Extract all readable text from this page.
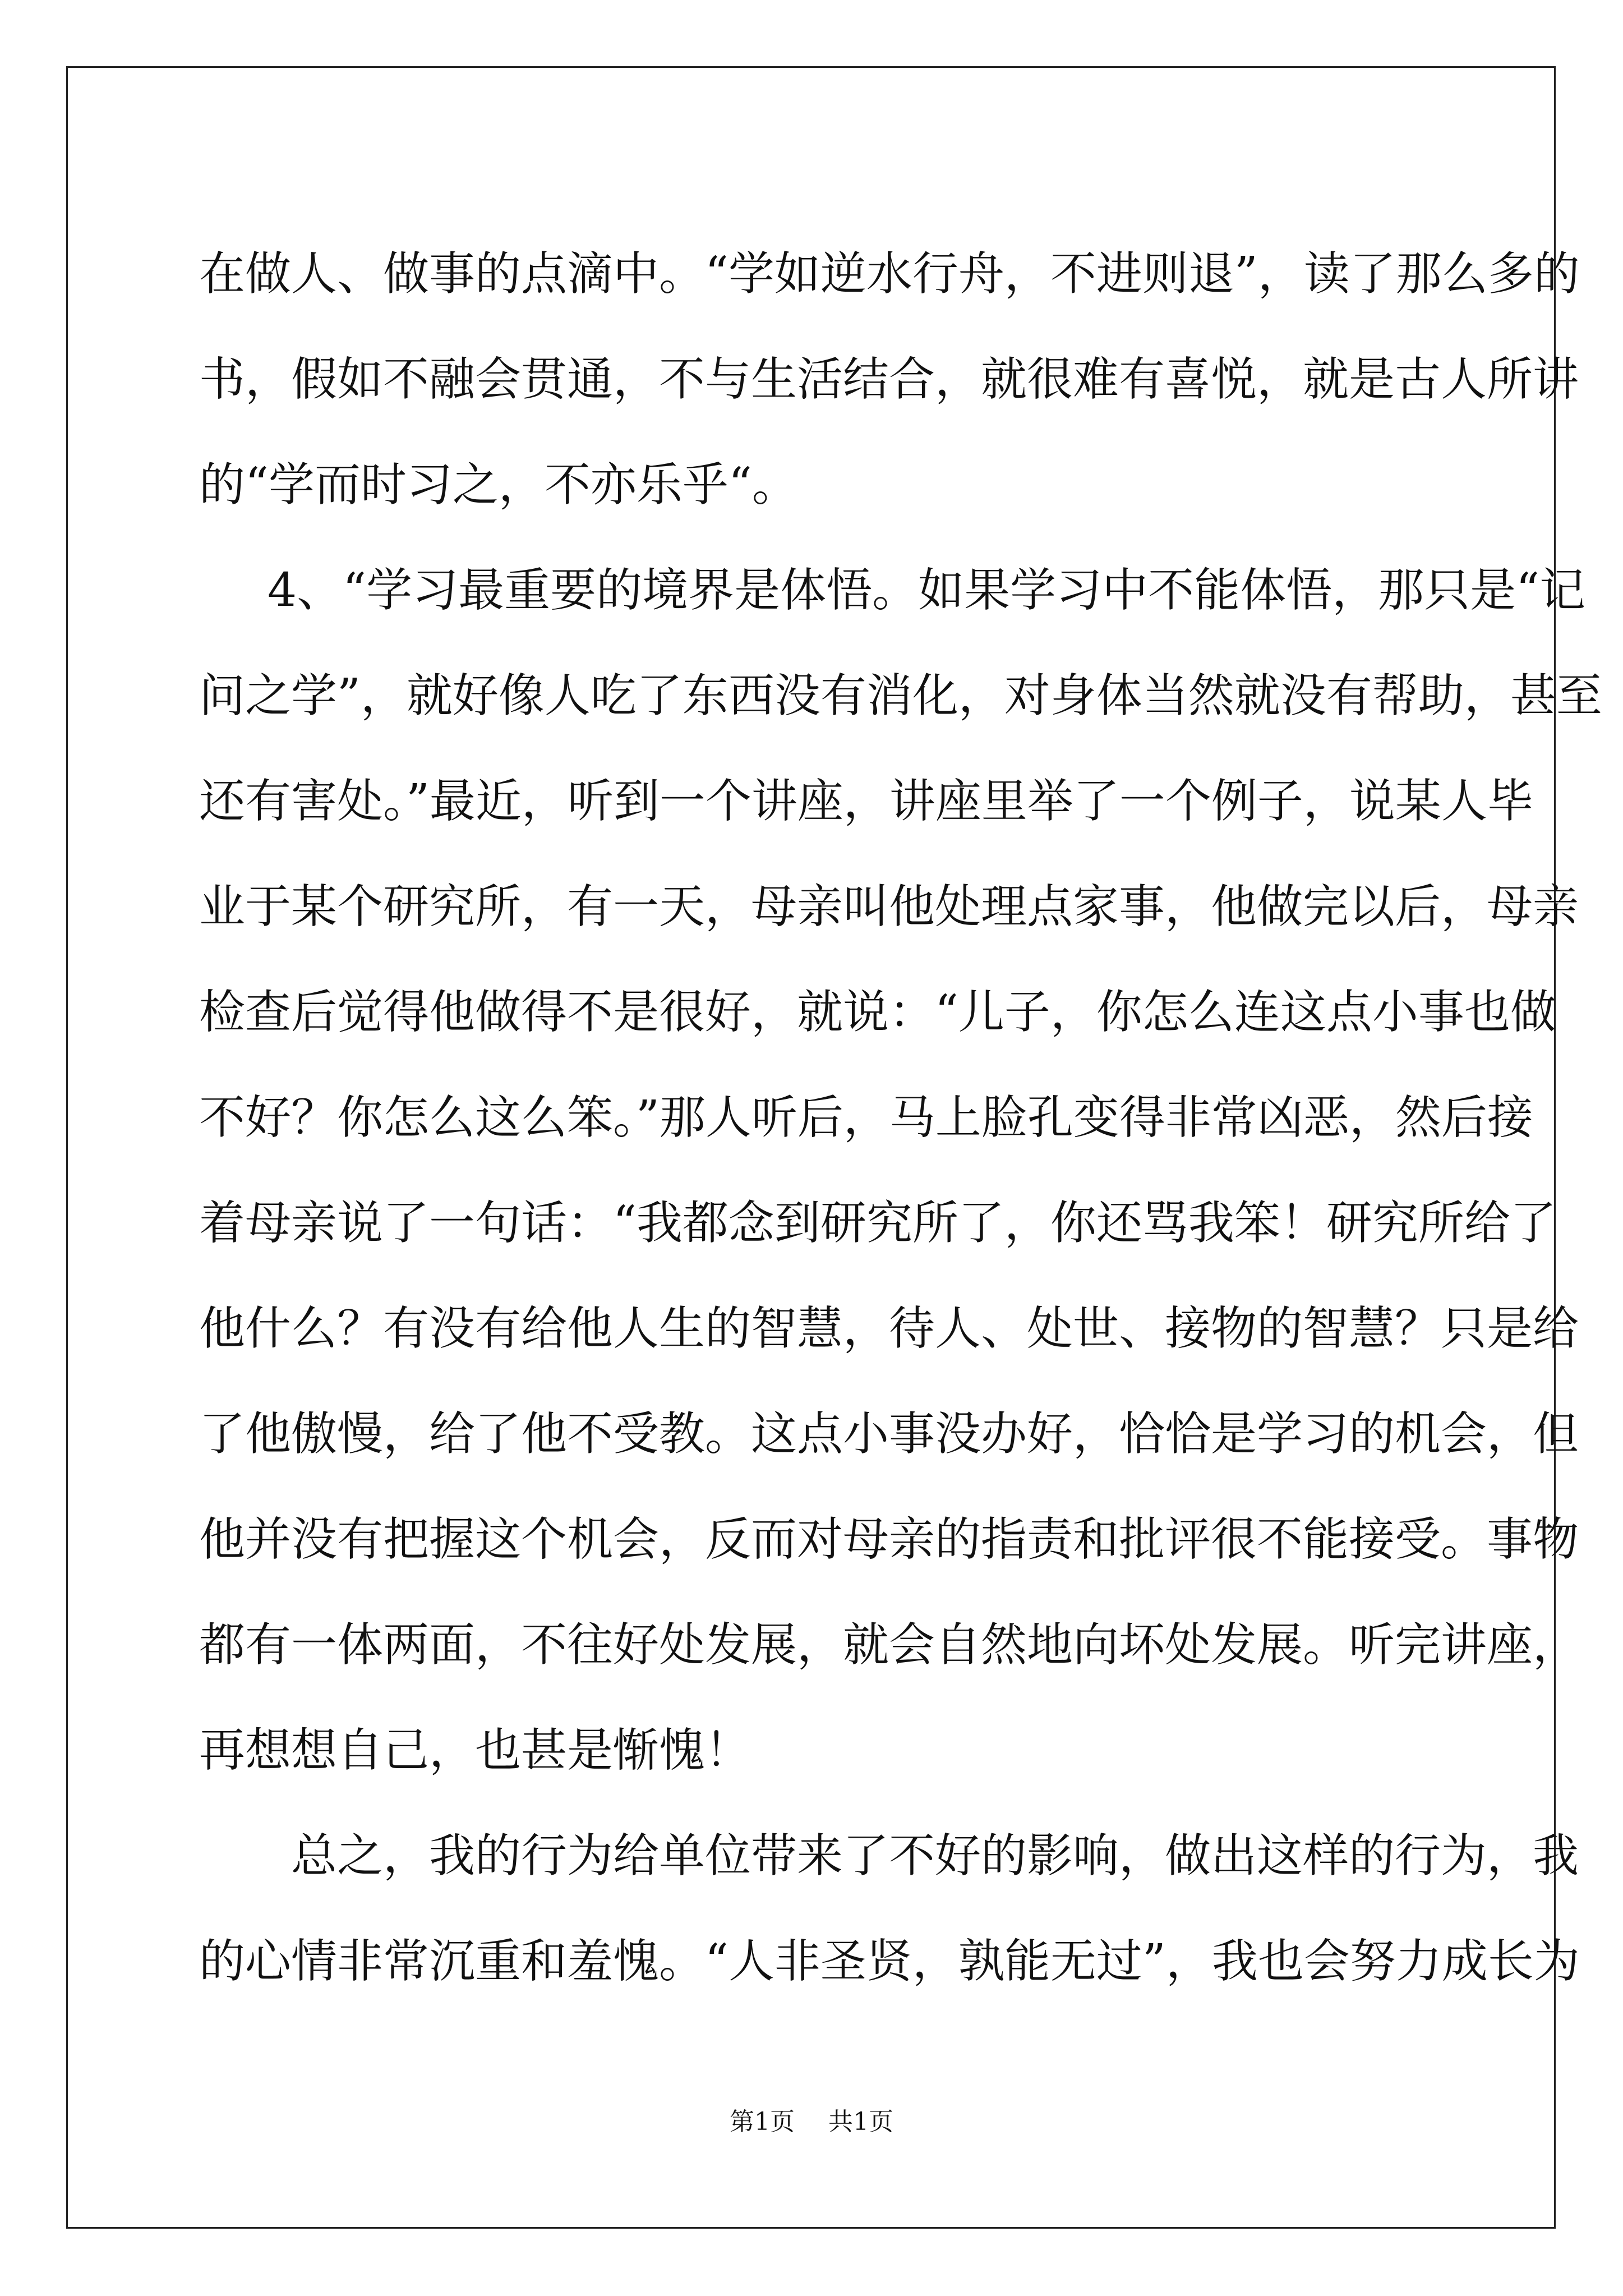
在做人、做事的点滴中。“学如逆水行舟，不进则退”，读了那么多的
书，假如不融会贯通，不与生活结合，就很难有喜悦，就是古人所讲
的“学而时习之，不亦乐乎“。
4、“学习最重要的境界是体悟。如果学习中不能体悟，那只是“记
问之学”，就好像人吃了东西没有消化，对身体当然就没有帮助，甚至
还有害处。”最近，听到一个讲座，讲座里举了一个例子，说某人毕
业于某个研究所，有一天，母亲叫他处理点家事，他做完以后，母亲
检查后觉得他做得不是很好，就说：“儿子，你怎么连这点小事也做
不好？你怎么这么笨。”那人听后，马上脸孔变得非常凶恶，然后接
着母亲说了一句话：“我都念到研究所了，你还骂我笨！研究所给了
他什么？有没有给他人生的智慧，待人、处世、接物的智慧？只是给
了他傲慢，给了他不受教。这点小事没办好，恰恰是学习的机会，但
他并没有把握这个机会，反而对母亲的指责和批评很不能接受。事物
都有一体两面，不往好处发展，就会自然地向坏处发展。听完讲座，
再想想自己，也甚是惭愧！
总之，我的行为给单位带来了不好的影响，做出这样的行为，我
的心情非常沉重和羞愧。“人非圣贤，孰能无过”，我也会努力成长为
第1页 共1页
